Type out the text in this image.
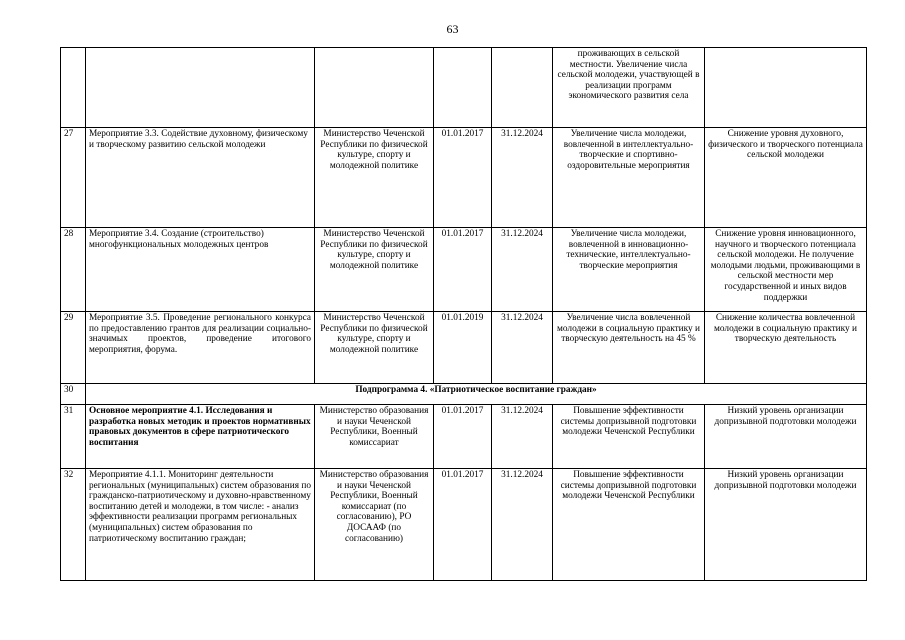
63
					проживающих в сельской местности. Увеличение числа сельской молодежи, участвующей в реализации программ экономического развития села	
27	Мероприятие 3.3. Содействие духовному, физическому и творческому развитию сельской молодежи	Министерство Чеченской Республики по физической культуре, спорту и молодежной политике	01.01.2017	31.12.2024	Увеличение числа молодежи, вовлеченной в интеллектуально-творческие и спортивно-оздоровительные мероприятия	Снижение уровня духовного, физического и творческого потенциала сельской молодежи
28	Мероприятие 3.4. Создание (строительство) многофункциональных молодежных центров	Министерство Чеченской Республики по физической культуре, спорту и молодежной политике	01.01.2017	31.12.2024	Увеличение числа молодежи, вовлеченной в инновационно-технические, интеллектуально-творческие мероприятия	Снижение уровня инновационного, научного и творческого потенциала сельской молодежи. Не получение молодыми людьми, проживающими в сельской местности мер государственной и иных видов поддержки
29	Мероприятие 3.5. Проведение регионального конкурса по предоставлению грантов для реализации социально-значимых проектов, проведение итогового мероприятия, форума.	Министерство Чеченской Республики по физической культуре, спорту и молодежной политике	01.01.2019	31.12.2024	Увеличение числа вовлеченной молодежи в социальную практику и творческую деятельность на 45 %	Снижение количества вовлеченной молодежи в социальную практику и творческую деятельность
30	Подпрограмма 4. «Патриотическое воспитание граждан»					
31	Основное мероприятие 4.1. Исследования и разработка новых методик и проектов нормативных правовых документов в сфере патриотического воспитания	Министерство образования и науки Чеченской Республики, Военный комиссариат	01.01.2017	31.12.2024	Повышение эффективности системы допризывной подготовки молодежи Чеченской Республики	Низкий уровень организации допризывной подготовки молодежи
32	Мероприятие 4.1.1. Мониторинг деятельности региональных (муниципальных) систем образования по гражданско-патриотическому и духовно-нравственному воспитанию детей и молодежи, в том числе: - анализ эффективности реализации программ региональных (муниципальных) систем образования по патриотическому воспитанию граждан;	Министерство образования и науки Чеченской Республики, Военный комиссариат (по согласованию), РО ДОСААФ (по согласованию)	01.01.2017	31.12.2024	Повышение эффективности системы допризывной подготовки молодежи Чеченской Республики	Низкий уровень организации допризывной подготовки молодежи
